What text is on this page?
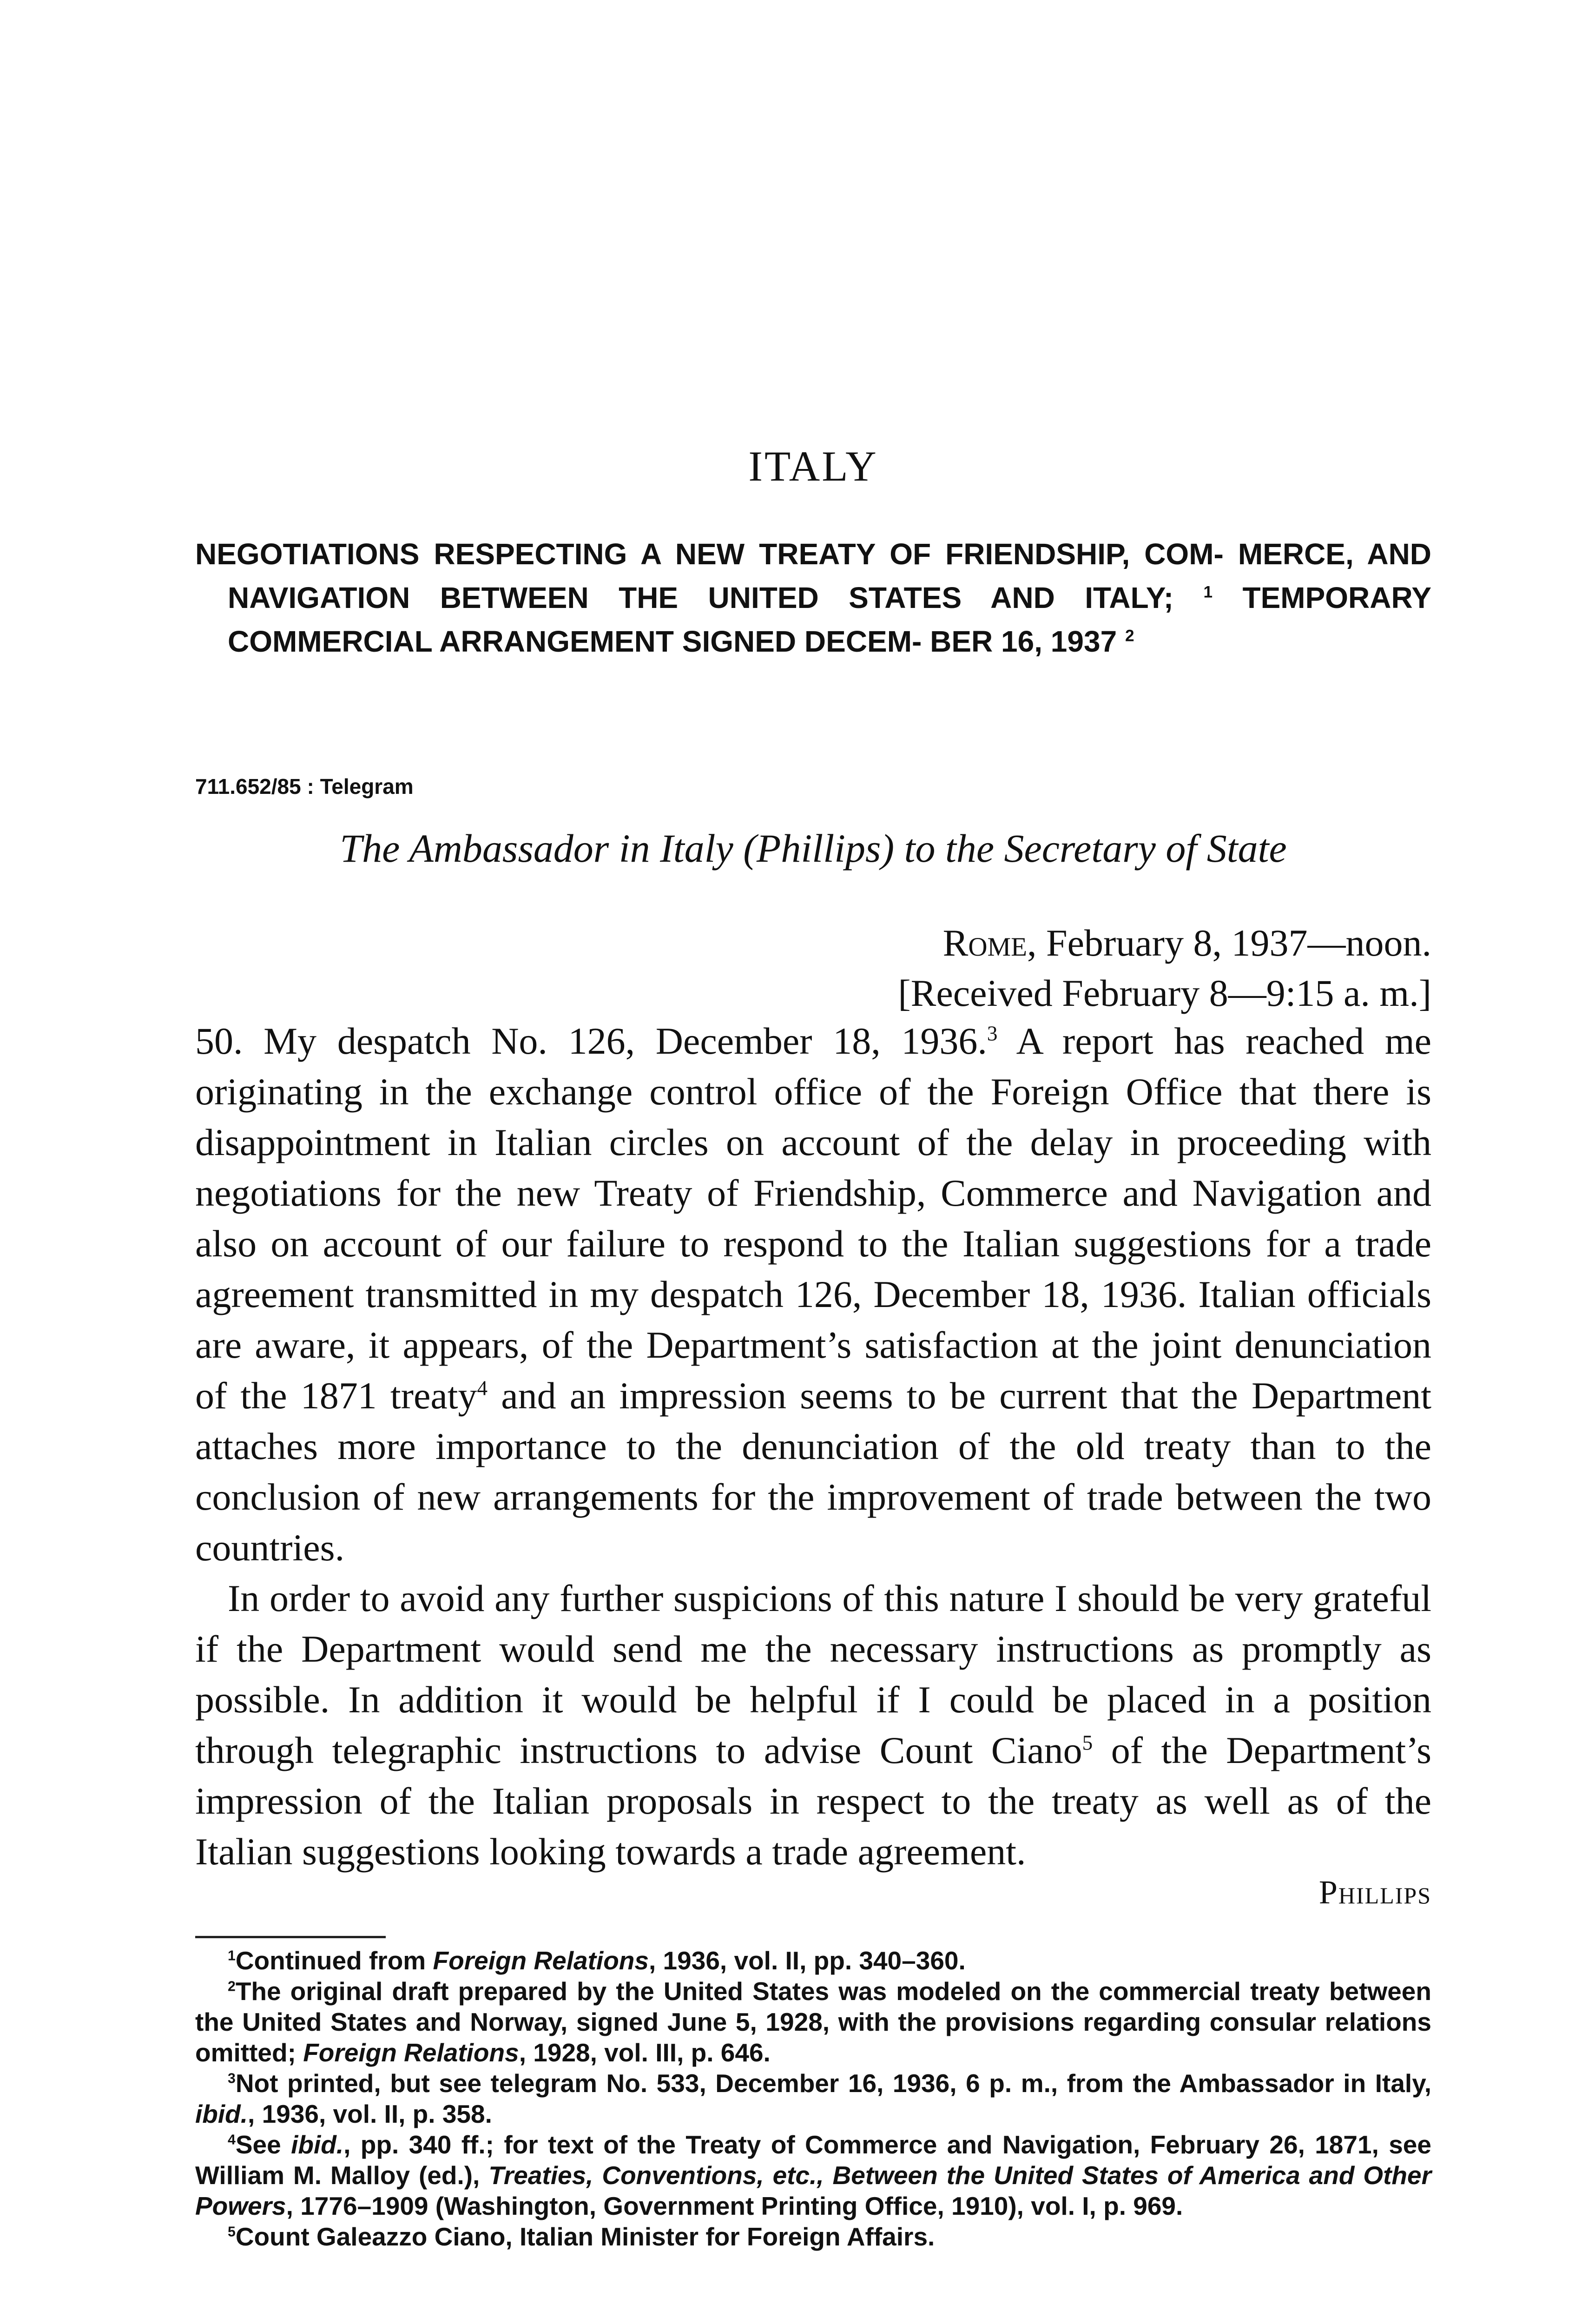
ITALY
NEGOTIATIONS RESPECTING A NEW TREATY OF FRIENDSHIP, COM- MERCE, AND NAVIGATION BETWEEN THE UNITED STATES AND ITALY; $^1$ TEMPORARY COMMERCIAL ARRANGEMENT SIGNED DECEM- BER 16, 1937 $^2$
711.652/85 : Telegram
The Ambassador in Italy (Phillips) to the Secretary of State
Rome, February 8, 1937—noon.
[Received February 8—9:15 a. m.]

50. My despatch No. 126, December 18, 1936.$^3$ A report has reached me originating in the exchange control office of the Foreign Office that there is disappointment in Italian circles on account of the delay in proceeding with negotiations for the new Treaty of Friendship, Commerce and Navigation and also on account of our failure to respond to the Italian suggestions for a trade agreement transmitted in my despatch 126, December 18, 1936. Italian officials are aware, it appears, of the Department’s satisfaction at the joint denunciation of the 1871 treaty$^4$ and an impression seems to be current that the Department attaches more importance to the denunciation of the old treaty than to the conclusion of new arrangements for the improvement of trade between the two countries.

In order to avoid any further suspicions of this nature I should be very grateful if the Department would send me the necessary instructions as promptly as possible. In addition it would be helpful if I could be placed in a position through telegraphic instructions to advise Count Ciano$^5$ of the Department’s impression of the Italian proposals in respect to the treaty as well as of the Italian suggestions looking towards a trade agreement.

Phillips

$^1$Continued from Foreign Relations, 1936, vol. II, pp. 340–360.

$^2$The original draft prepared by the United States was modeled on the commercial treaty between the United States and Norway, signed June 5, 1928, with the provisions regarding consular relations omitted; Foreign Relations, 1928, vol. III, p. 646.

$^3$Not printed, but see telegram No. 533, December 16, 1936, 6 p. m., from the Ambassador in Italy, ibid., 1936, vol. II, p. 358.

$^4$See ibid., pp. 340 ff.; for text of the Treaty of Commerce and Navigation, February 26, 1871, see William M. Malloy (ed.), Treaties, Conventions, etc., Between the United States of America and Other Powers, 1776–1909 (Washington, Government Printing Office, 1910), vol. I, p. 969.

$^5$Count Galeazzo Ciano, Italian Minister for Foreign Affairs.
